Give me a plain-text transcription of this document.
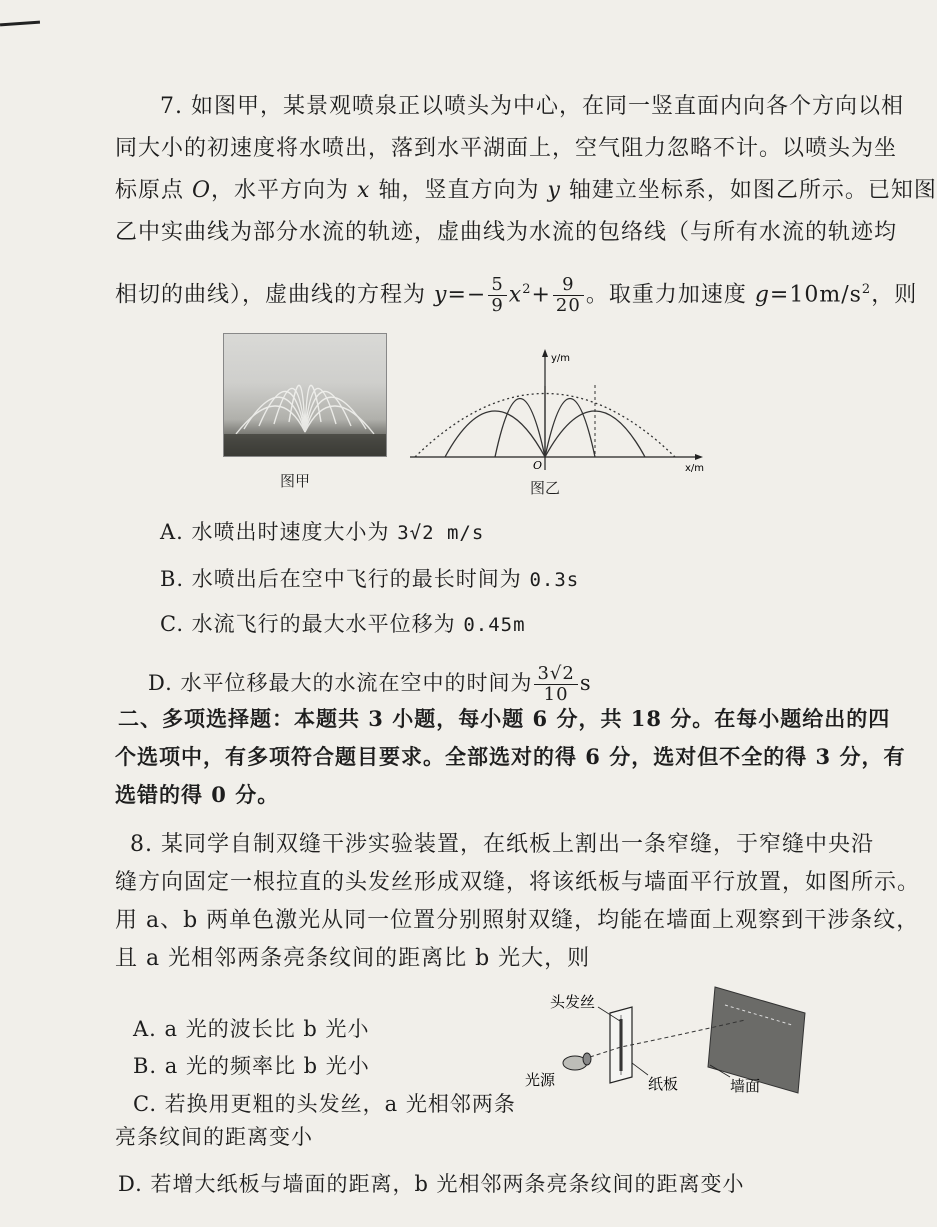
7. 如图甲，某景观喷泉正以喷头为中心，在同一竖直面内向各个方向以相
同大小的初速度将水喷出，落到水平湖面上，空气阻力忽略不计。以喷头为坐
标原点 O，水平方向为 x 轴，竖直方向为 y 轴建立坐标系，如图乙所示。已知图
乙中实曲线为部分水流的轨迹，虚曲线为水流的包络线（与所有水流的轨迹均
相切的曲线），虚曲线的方程为 $y=- \frac{5}{9} x^2+ \frac{9}{20}$ 。取重力加速度 $g=10m/s^2$，则
图甲
y/m
x/m
O
图乙
A. 水喷出时速度大小为 3√2 m/s
B. 水喷出后在空中飞行的最长时间为 0.3s
C. 水流飞行的最大水平位移为 0.45m
D. 水平位移最大的水流在空中的时间为 $\frac{3√2}{10}$ s
二、多项选择题：本题共 3 小题，每小题 6 分，共 18 分。在每小题给出的四
个选项中，有多项符合题目要求。全部选对的得 6 分，选对但不全的得 3 分，有
选错的得 0 分。
8. 某同学自制双缝干涉实验装置，在纸板上割出一条窄缝，于窄缝中央沿
缝方向固定一根拉直的头发丝形成双缝，将该纸板与墙面平行放置，如图所示。
用 a、b 两单色激光从同一位置分别照射双缝，均能在墙面上观察到干涉条纹，
且 a 光相邻两条亮条纹间的距离比 b 光大，则
A. a 光的波长比 b 光小
B. a 光的频率比 b 光小
C. 若换用更粗的头发丝，a 光相邻两条
亮条纹间的距离变小
D. 若增大纸板与墙面的距离，b 光相邻两条亮条纹间的距离变小
头发丝
光源	纸板	墙面
